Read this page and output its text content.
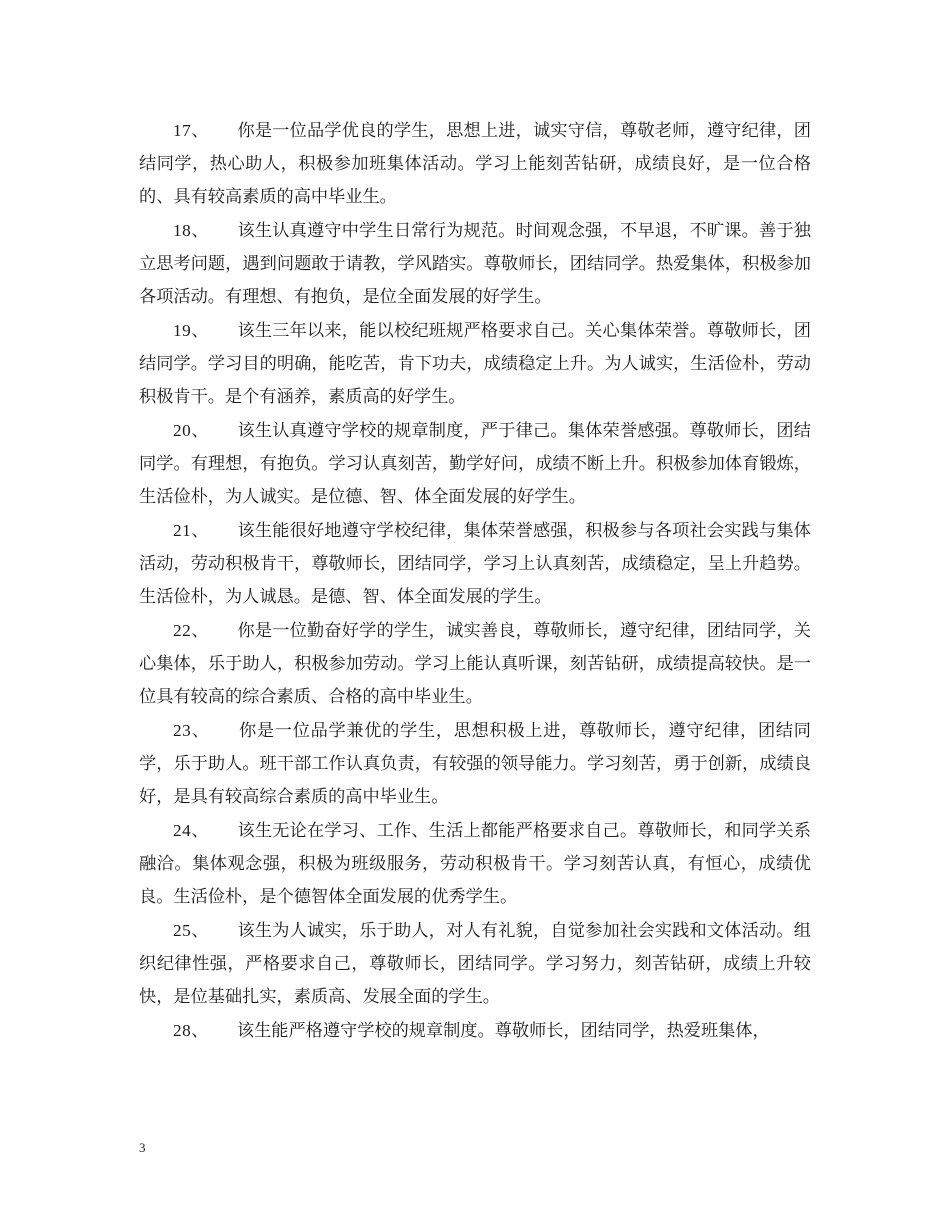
17、 你是一位品学优良的学生，思想上进，诚实守信，尊敬老师，遵守纪律，团结同学，热心助人，积极参加班集体活动。学习上能刻苦钻研，成绩良好，是一位合格的、具有较高素质的高中毕业生。

18、 该生认真遵守中学生日常行为规范。时间观念强，不早退，不旷课。善于独立思考问题，遇到问题敢于请教，学风踏实。尊敬师长，团结同学。热爱集体，积极参加各项活动。有理想、有抱负，是位全面发展的好学生。

19、 该生三年以来，能以校纪班规严格要求自己。关心集体荣誉。尊敬师长，团结同学。学习目的明确，能吃苦，肯下功夫，成绩稳定上升。为人诚实，生活俭朴，劳动积极肯干。是个有涵养，素质高的好学生。

20、 该生认真遵守学校的规章制度，严于律己。集体荣誉感强。尊敬师长，团结同学。有理想，有抱负。学习认真刻苦，勤学好问，成绩不断上升。积极参加体育锻炼，生活俭朴，为人诚实。是位德、智、体全面发展的好学生。

21、 该生能很好地遵守学校纪律，集体荣誉感强，积极参与各项社会实践与集体活动，劳动积极肯干，尊敬师长，团结同学，学习上认真刻苦，成绩稳定，呈上升趋势。生活俭朴，为人诚恳。是德、智、体全面发展的学生。

22、 你是一位勤奋好学的学生，诚实善良，尊敬师长，遵守纪律，团结同学，关心集体，乐于助人，积极参加劳动。学习上能认真听课，刻苦钻研，成绩提高较快。是一位具有较高的综合素质、合格的高中毕业生。

23、 你是一位品学兼优的学生，思想积极上进，尊敬师长，遵守纪律，团结同学，乐于助人。班干部工作认真负责，有较强的领导能力。学习刻苦，勇于创新，成绩良好，是具有较高综合素质的高中毕业生。

24、 该生无论在学习、工作、生活上都能严格要求自己。尊敬师长，和同学关系融洽。集体观念强，积极为班级服务，劳动积极肯干。学习刻苦认真，有恒心，成绩优良。生活俭朴，是个德智体全面发展的优秀学生。

25、 该生为人诚实，乐于助人，对人有礼貌，自觉参加社会实践和文体活动。组织纪律性强，严格要求自己，尊敬师长，团结同学。学习努力，刻苦钻研，成绩上升较快，是位基础扎实，素质高、发展全面的学生。

28、 该生能严格遵守学校的规章制度。尊敬师长，团结同学，热爱班集体，

3
